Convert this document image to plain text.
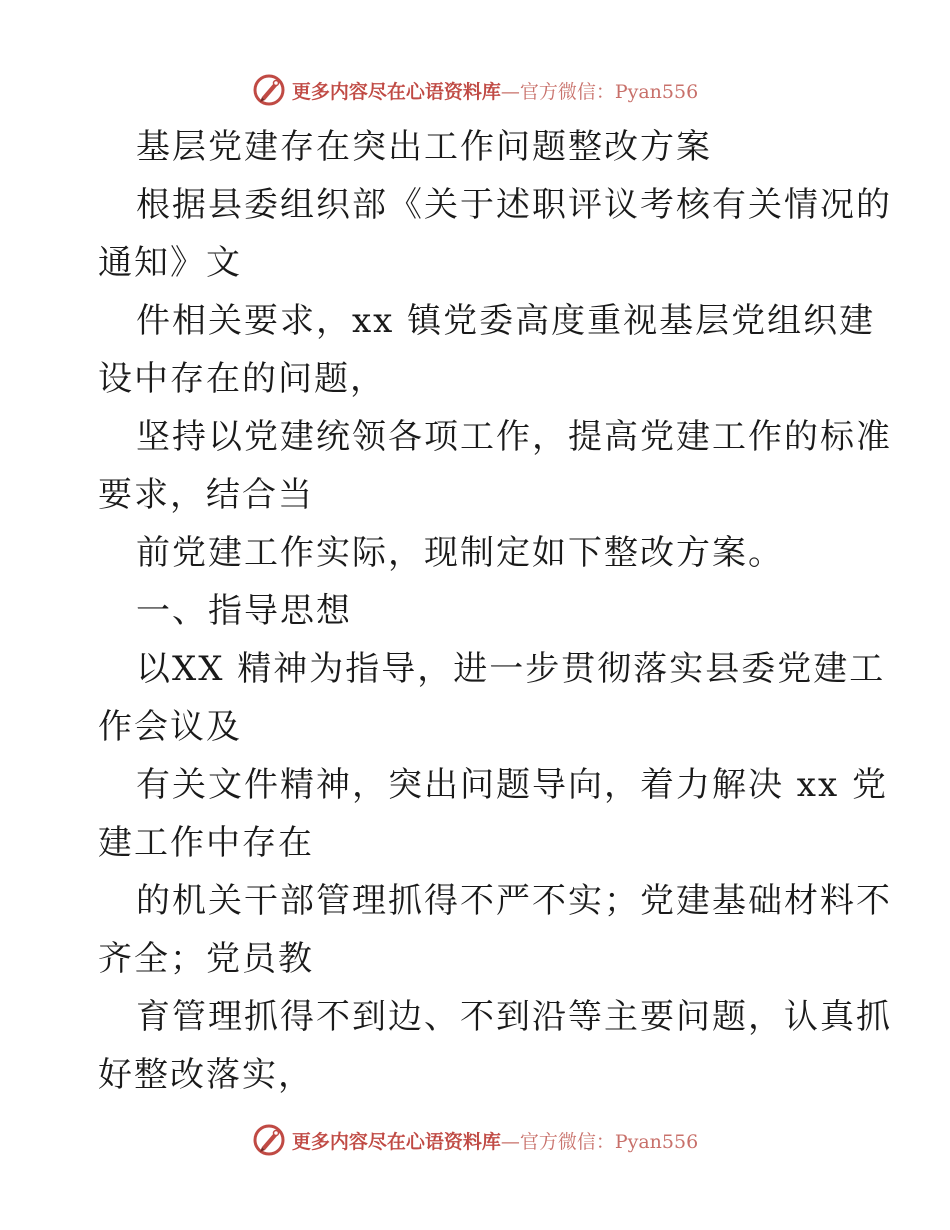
更多内容尽在心语资料库—官方微信：Pyan556
基层党建存在突出工作问题整改方案
根据县委组织部《关于述职评议考核有关情况的
通知》文
件相关要求，xx 镇党委高度重视基层党组织建
设中存在的问题，
坚持以党建统领各项工作，提高党建工作的标准
要求，结合当
前党建工作实际，现制定如下整改方案。
一、指导思想
以XX 精神为指导，进一步贯彻落实县委党建工
作会议及
有关文件精神，突出问题导向，着力解决 xx 党
建工作中存在
的机关干部管理抓得不严不实；党建基础材料不
齐全；党员教
育管理抓得不到边、不到沿等主要问题，认真抓
好整改落实，
更多内容尽在心语资料库—官方微信：Pyan556
